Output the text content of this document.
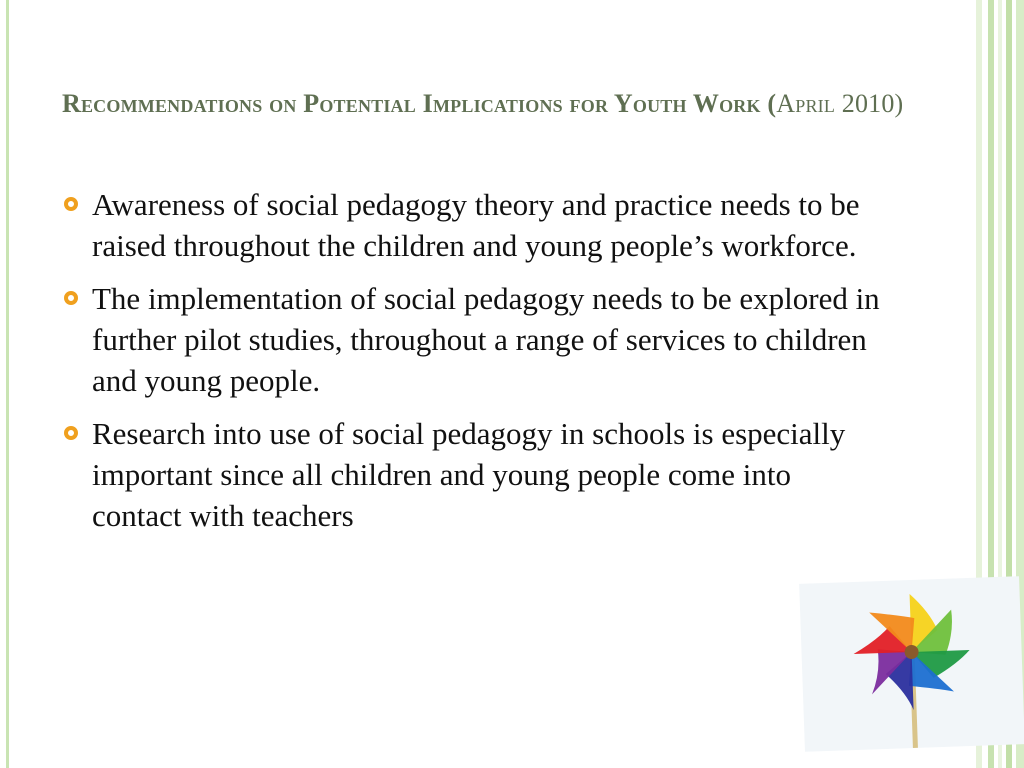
Recommendations on Potential Implications for Youth Work (April 2010)
Awareness of social pedagogy theory and practice needs to be raised throughout the children and young people’s workforce.
The implementation of social pedagogy needs to be explored in further pilot studies, throughout a range of services to children and young people.
Research into use of social pedagogy in schools is especially important since all children and young people come into contact with teachers
